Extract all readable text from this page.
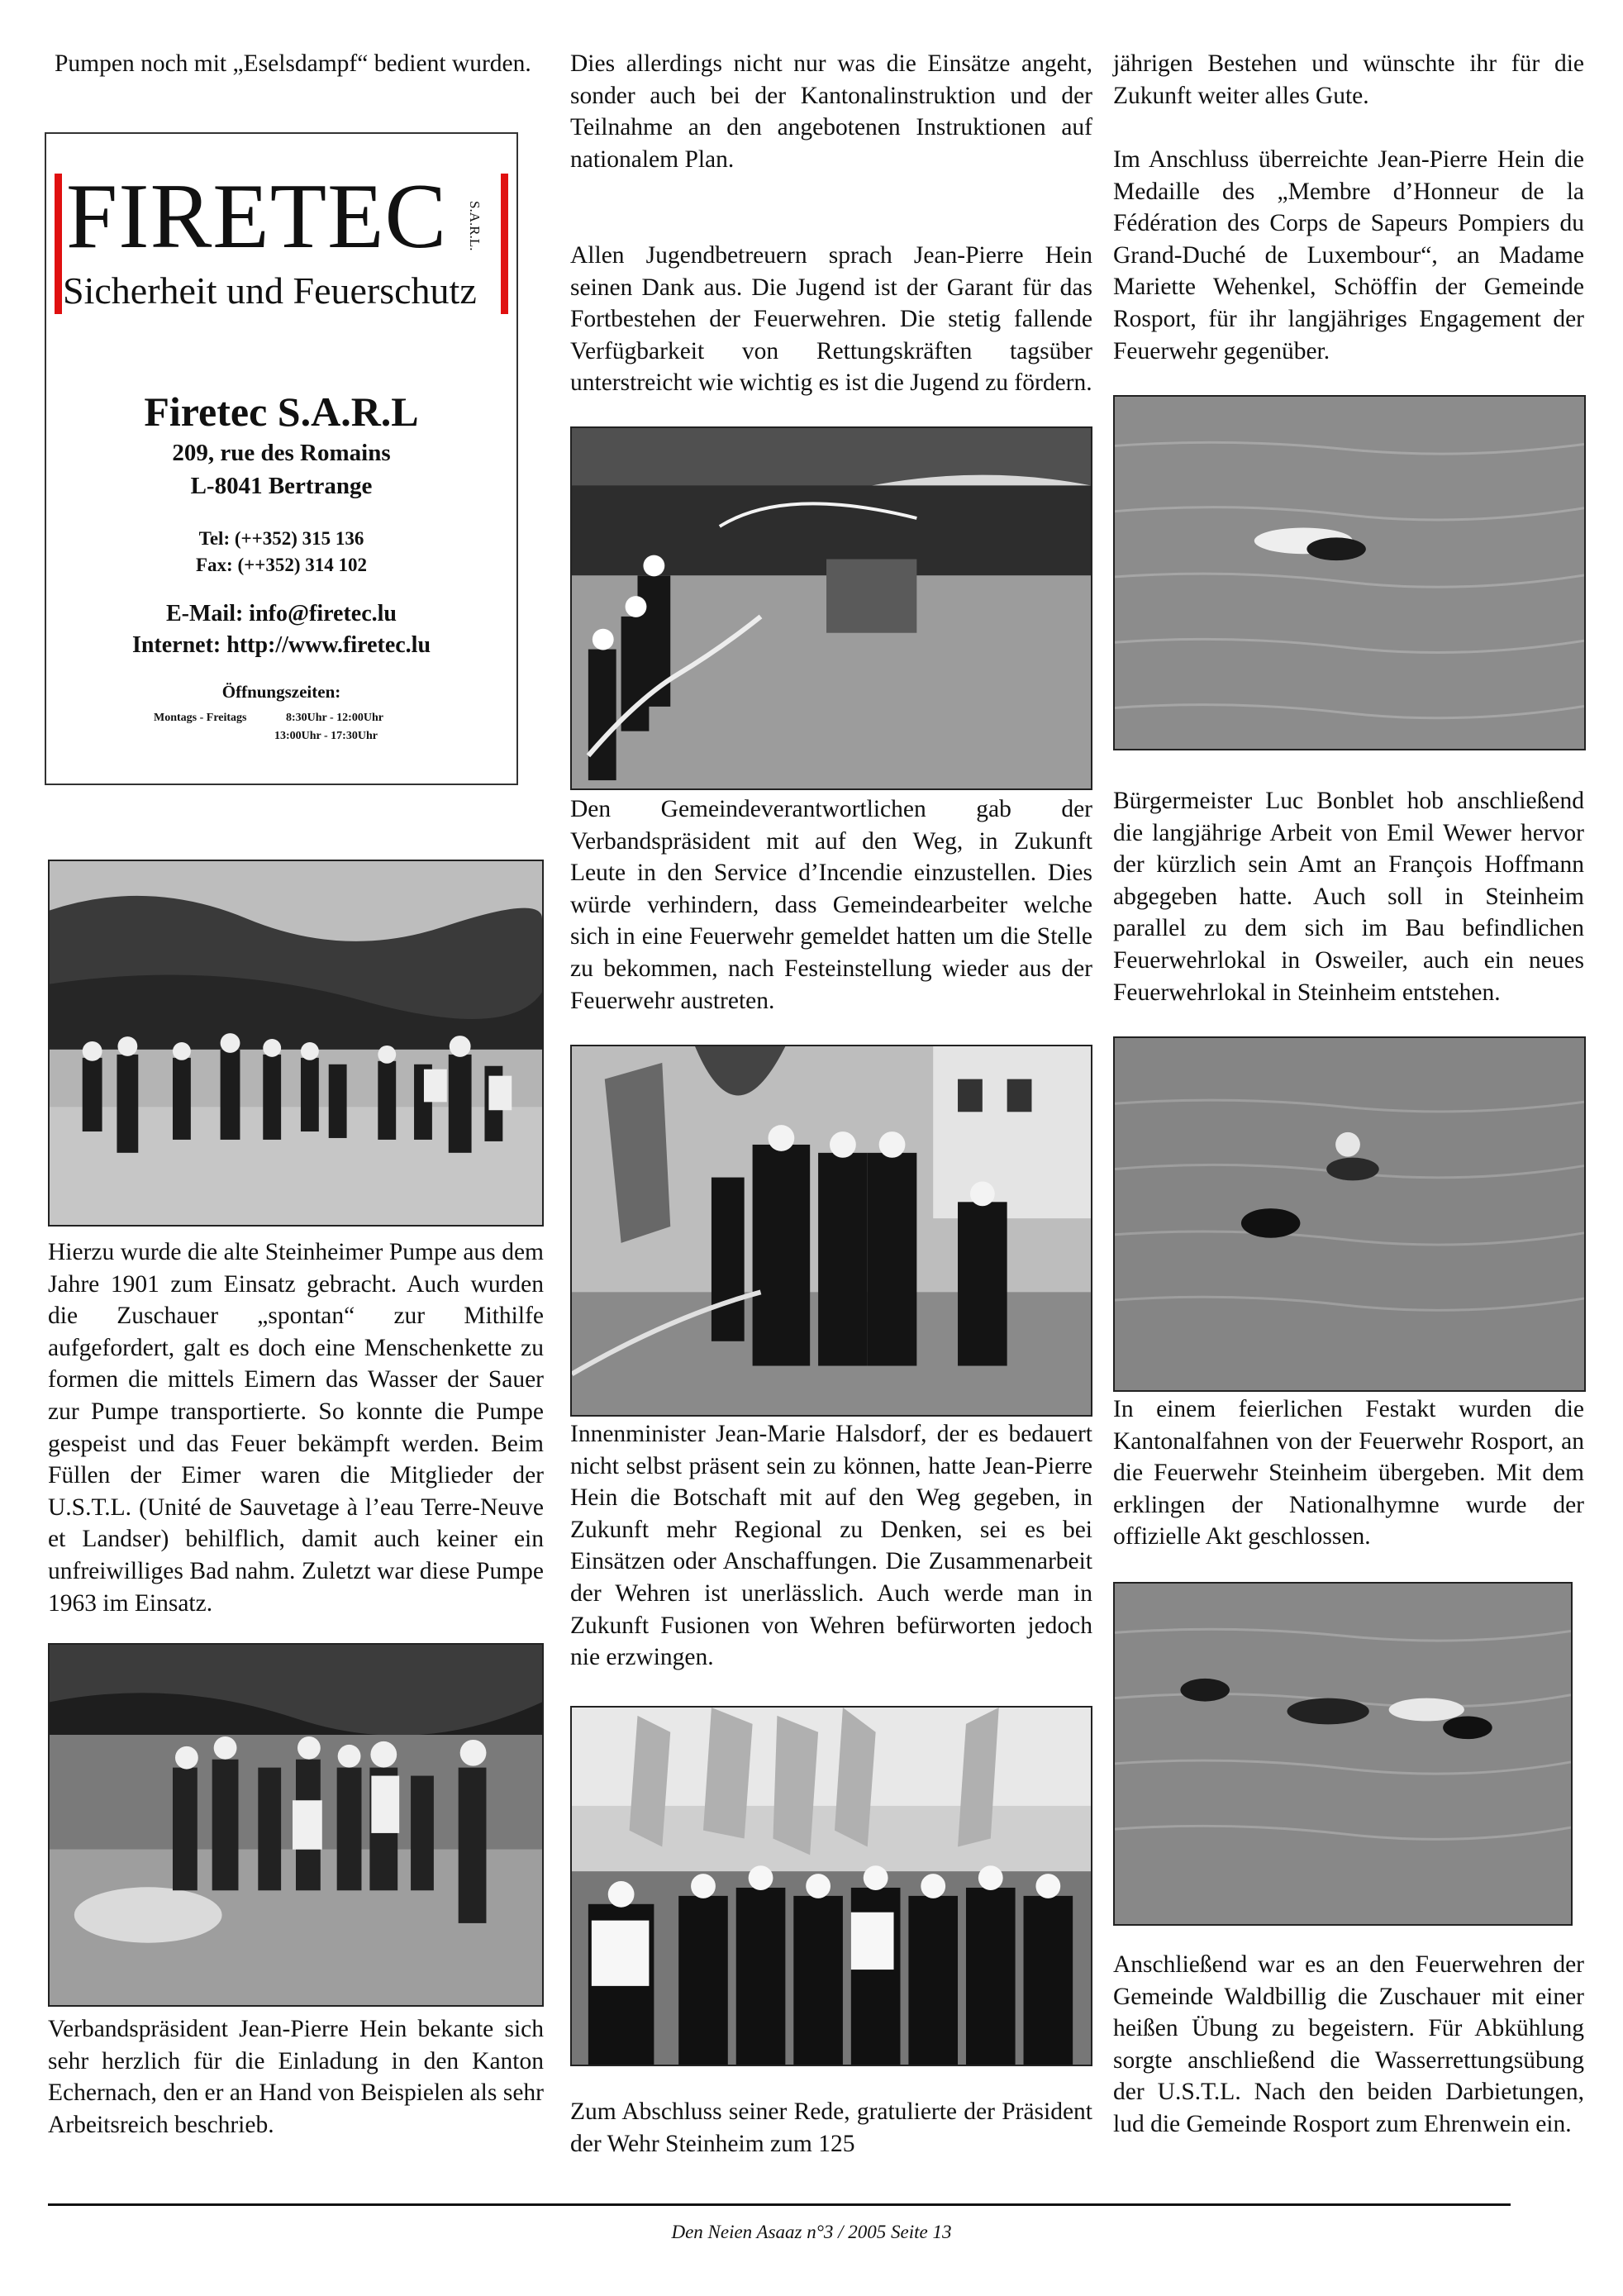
Pumpen noch mit „Eselsdampf“ bedient wurden.
FIRETEC	S.A.R.L.
Sicherheit und Feuerschutz
Firetec S.A.R.L
209, rue des Romains
L-8041 Bertrange
Tel: (++352) 315 136
Fax: (++352) 314 102
E-Mail: info@firetec.lu
Internet: http://www.firetec.lu
Öffnungszeiten:
Montags - Freitags	8:30Uhr - 12:00Uhr
13:00Uhr - 17:30Uhr
Hierzu wurde die alte Steinheimer Pumpe aus dem Jahre 1901 zum Einsatz gebracht. Auch wurden die Zuschauer „spontan“ zur Mithilfe aufgefordert, galt es doch eine Menschenkette zu formen die mittels Eimern das Wasser der Sauer zur Pumpe transportierte. So konnte die Pumpe gespeist und das Feuer bekämpft werden. Beim Füllen der Eimer waren die Mitglieder der U.S.T.L. (Unité de Sauvetage à l’eau Terre-Neuve et Landser) behilflich, damit auch keiner ein unfreiwilliges Bad nahm. Zuletzt war diese Pumpe 1963 im Einsatz.
Verbandspräsident Jean-Pierre Hein bekante sich sehr herzlich für die Einladung in den Kanton Echernach, den er an Hand von Beispielen als sehr Arbeitsreich beschrieb.
Dies allerdings nicht nur was die Einsätze angeht, sonder auch bei der Kantonalinstruktion und der Teilnahme an den angebotenen Instruktionen auf nationalem Plan.
Allen Jugendbetreuern sprach Jean-Pierre Hein seinen Dank aus. Die Jugend ist der Garant für das Fortbestehen der Feuerwehren. Die stetig fallende Verfügbarkeit von Rettungskräften tagsüber unterstreicht wie wichtig es ist die Jugend zu fördern.
Den Gemeindeverantwortlichen gab der Verbandspräsident mit auf den Weg, in Zukunft Leute in den Service d’Incendie einzustellen. Dies würde verhindern, dass Gemeindearbeiter welche sich in eine Feuerwehr gemeldet hatten um die Stelle zu bekommen, nach Festeinstellung wieder aus der Feuerwehr austreten.
Innenminister Jean-Marie Halsdorf, der es bedauert nicht selbst präsent sein zu können, hatte Jean-Pierre Hein die Botschaft mit auf den Weg gegeben, in Zukunft mehr Regional zu Denken, sei es bei Einsätzen oder Anschaffungen. Die Zusammenarbeit der Wehren ist unerlässlich. Auch werde man in Zukunft Fusionen von Wehren befürworten jedoch nie erzwingen.
Zum Abschluss seiner Rede, gratulierte der Präsident der Wehr Steinheim zum 125
jährigen Bestehen und wünschte ihr für die Zukunft weiter alles Gute.
Im Anschluss überreichte Jean-Pierre Hein die Medaille des „Membre d’Honneur de la Fédération des Corps de Sapeurs Pompiers du Grand-Duché de Luxembour“, an Madame Mariette Wehenkel, Schöffin der Gemeinde Rosport, für ihr langjähriges Engagement der Feuerwehr gegenüber.
Bürgermeister Luc Bonblet hob anschließend die langjährige Arbeit von Emil Wewer hervor der kürzlich sein Amt an François Hoffmann abgegeben hatte. Auch soll in Steinheim parallel zu dem sich im Bau befindlichen Feuerwehrlokal in Osweiler, auch ein neues Feuerwehrlokal in Steinheim entstehen.
In einem feierlichen Festakt wurden die Kantonalfahnen von der Feuerwehr Rosport, an die Feuerwehr Steinheim übergeben. Mit dem erklingen der Nationalhymne wurde der offizielle Akt geschlossen.
Anschließend war es an den Feuerwehren der Gemeinde Waldbillig die Zuschauer mit einer heißen Übung zu begeistern. Für Abkühlung sorgte anschließend die Wasserrettungsübung der U.S.T.L. Nach den beiden Darbietungen, lud die Gemeinde Rosport zum Ehrenwein ein.
Den Neien Asaaz n°3 / 2005 Seite 13
